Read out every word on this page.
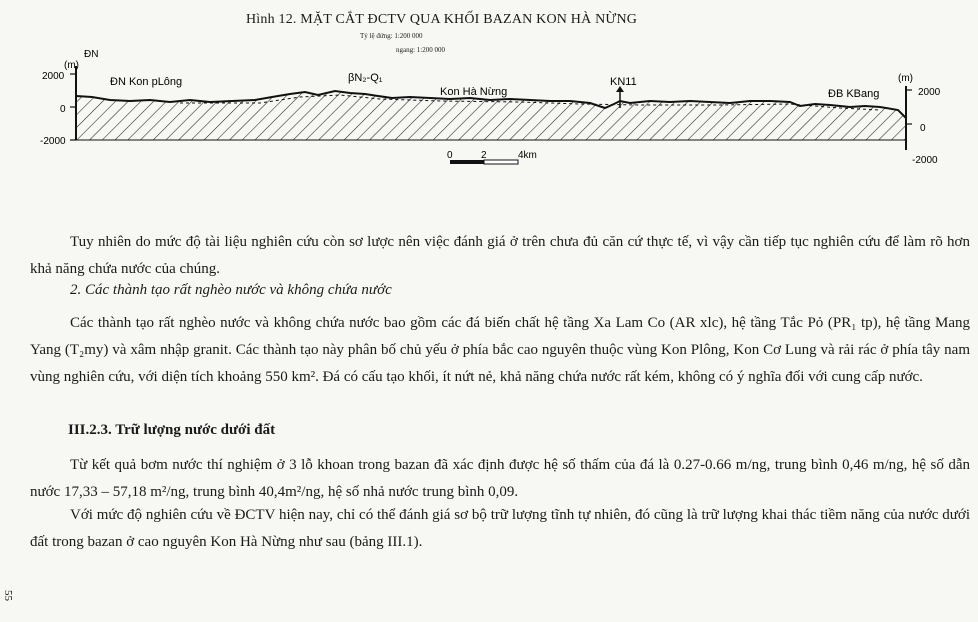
Hình 12. MẶT CẮT ĐCTV QUA KHỐI BAZAN KON HÀ NỪNG
Tỷ lệ đứng: 1:200 000
ngang: 1:200 000
ĐN
(m)
2000
0
-2000
(m)
2000
0
-2000
ĐN Kon pLông	βN₂-Q₁
Kon Hà Nừng
KN11
ĐB KBang
0	2	4km
Tuy nhiên do mức độ tài liệu nghiên cứu còn sơ lược nên việc đánh giá ở trên chưa đủ căn cứ thực tế, vì vậy cần tiếp tục nghiên cứu để làm rõ hơn khả năng chứa nước của chúng.
2. Các thành tạo rất nghèo nước và không chứa nước
Các thành tạo rất nghèo nước và không chứa nước bao gồm các đá biến chất hệ tầng Xa Lam Co (AR xlc), hệ tầng Tắc Pỏ (PR₁ tp), hệ tầng Mang Yang (T₂my) và xâm nhập granit. Các thành tạo này phân bố chủ yếu ở phía bắc cao nguyên thuộc vùng Kon Plông, Kon Cơ Lung và rải rác ở phía tây nam vùng nghiên cứu, với diện tích khoảng 550 km². Đá có cấu tạo khối, ít nứt nẻ, khả năng chứa nước rất kém, không có ý nghĩa đối với cung cấp nước.
III.2.3. Trữ lượng nước dưới đất
Từ kết quả bơm nước thí nghiệm ở 3 lỗ khoan trong bazan đã xác định được hệ số thấm của đá là 0.27-0.66 m/ng, trung bình 0,46 m/ng, hệ số dẫn nước 17,33 – 57,18 m²/ng, trung bình 40,4m²/ng, hệ số nhả nước trung bình 0,09.
Với mức độ nghiên cứu về ĐCTV hiện nay, chỉ có thể đánh giá sơ bộ trữ lượng tĩnh tự nhiên, đó cũng là trữ lượng khai thác tiềm năng của nước dưới đất trong bazan ở cao nguyên Kon Hà Nừng như sau (bảng III.1).
55
